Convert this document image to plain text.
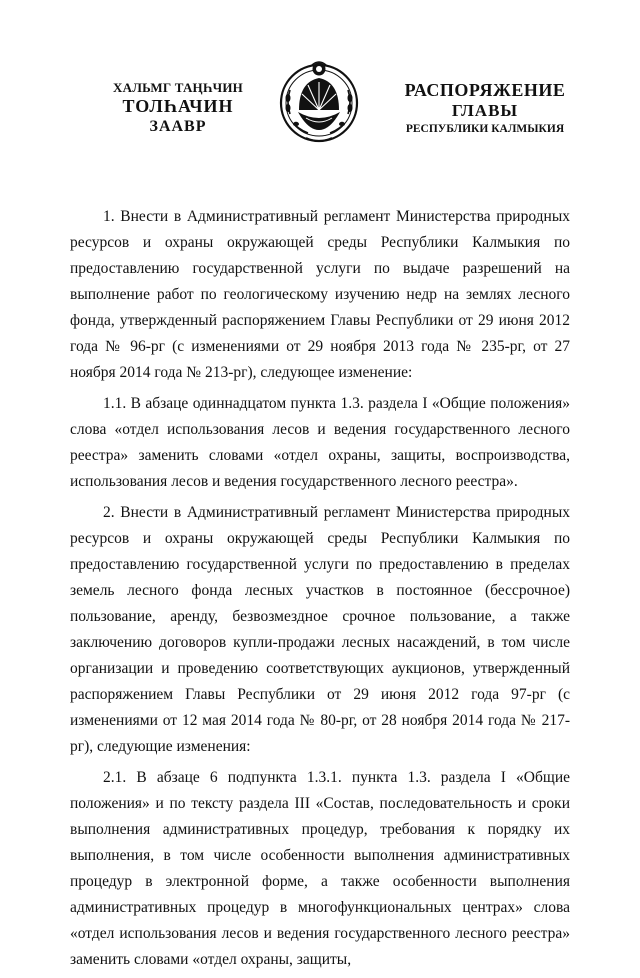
ХАЛЬМГ ТАҢҺЧИН
ТОЛҺАЧИН
ЗААВР
РАСПОРЯЖЕНИЕ
ГЛАВЫ
РЕСПУБЛИКИ КАЛМЫКИЯ

1. Внести в Административный регламент Министерства природных ресурсов и охраны окружающей среды Республики Калмыкия по предоставлению государственной услуги по выдаче разрешений на выполнение работ по геологическому изучению недр на землях лесного фонда, утвержденный распоряжением Главы Республики от 29 июня 2012 года № 96-рг (с изменениями от 29 ноября 2013 года № 235-рг, от 27 ноября 2014 года № 213-рг), следующее изменение:

1.1. В абзаце одиннадцатом пункта 1.3. раздела I «Общие положения» слова «отдел использования лесов и ведения государственного лесного реестра» заменить словами «отдел охраны, защиты, воспроизводства, использования лесов и ведения государственного лесного реестра».

2. Внести в Административный регламент Министерства природных ресурсов и охраны окружающей среды Республики Калмыкия по предоставлению государственной услуги по предоставлению в пределах земель лесного фонда лесных участков в постоянное (бессрочное) пользование, аренду, безвозмездное срочное пользование, а также заключению договоров купли-продажи лесных насаждений, в том числе организации и проведению соответствующих аукционов, утвержденный распоряжением Главы Республики от 29 июня 2012 года 97-рг (с изменениями от 12 мая 2014 года № 80-рг, от 28 ноября 2014 года № 217-рг), следующие изменения:

2.1. В абзаце 6 подпункта 1.3.1. пункта 1.3. раздела I «Общие положения» и по тексту раздела III «Состав, последовательность и сроки выполнения административных процедур, требования к порядку их выполнения, в том числе особенности выполнения административных процедур в электронной форме, а также особенности выполнения административных процедур в многофункциональных центрах» слова «отдел использования лесов и ведения государственного лесного реестра» заменить словами «отдел охраны, защиты,
